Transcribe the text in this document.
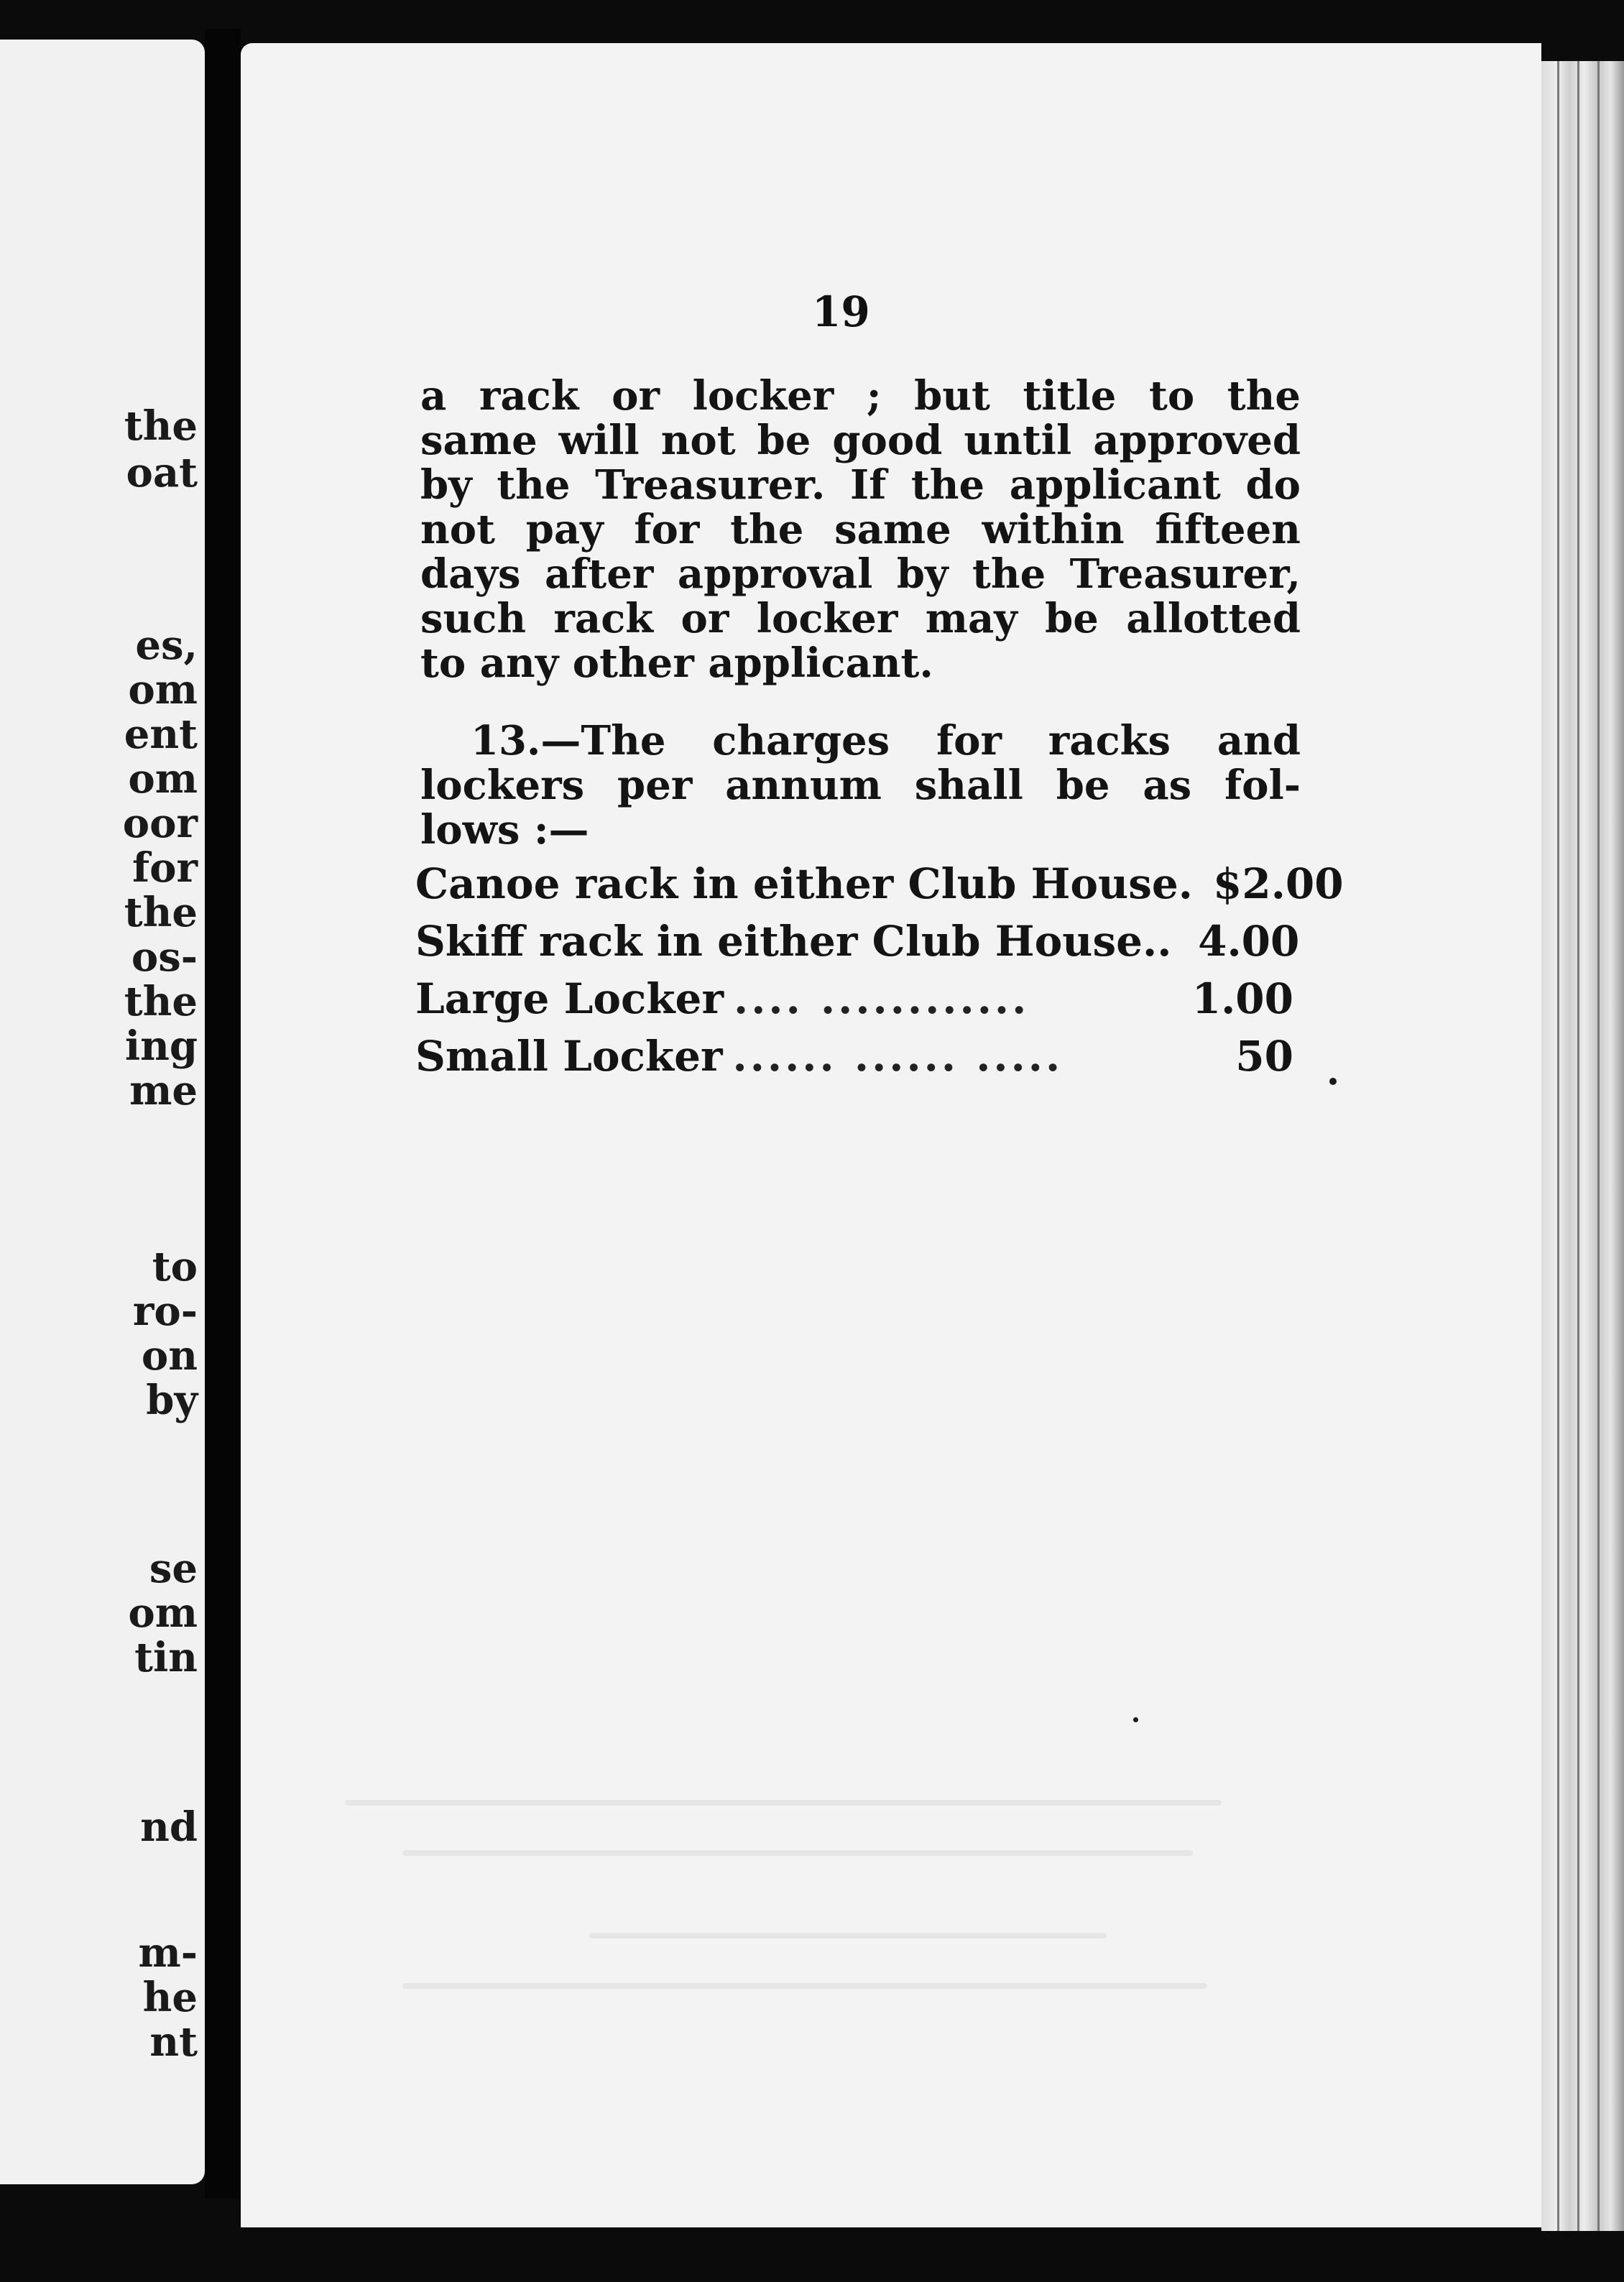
the

oat

es,

om

ent

om

oor

for

the

os-

the

ing

me

to

ro-

on

by

se

om

tin

nd

m-

he

nt

19

a rack or locker ; but title to the

same will not be good until approved

by the Treasurer. If the applicant do

not pay for the same within fifteen

days after approval by the Treasurer,

such rack or locker may be allotted

to any other applicant.

13.—The charges for racks and

lockers per annum shall be as fol-

lows :—

Canoe rack in either Club House. $2.00
Skiff rack in either Club House.. 4.00
Large Locker .... ............	1.00
Small Locker ...... ...... .....	50
